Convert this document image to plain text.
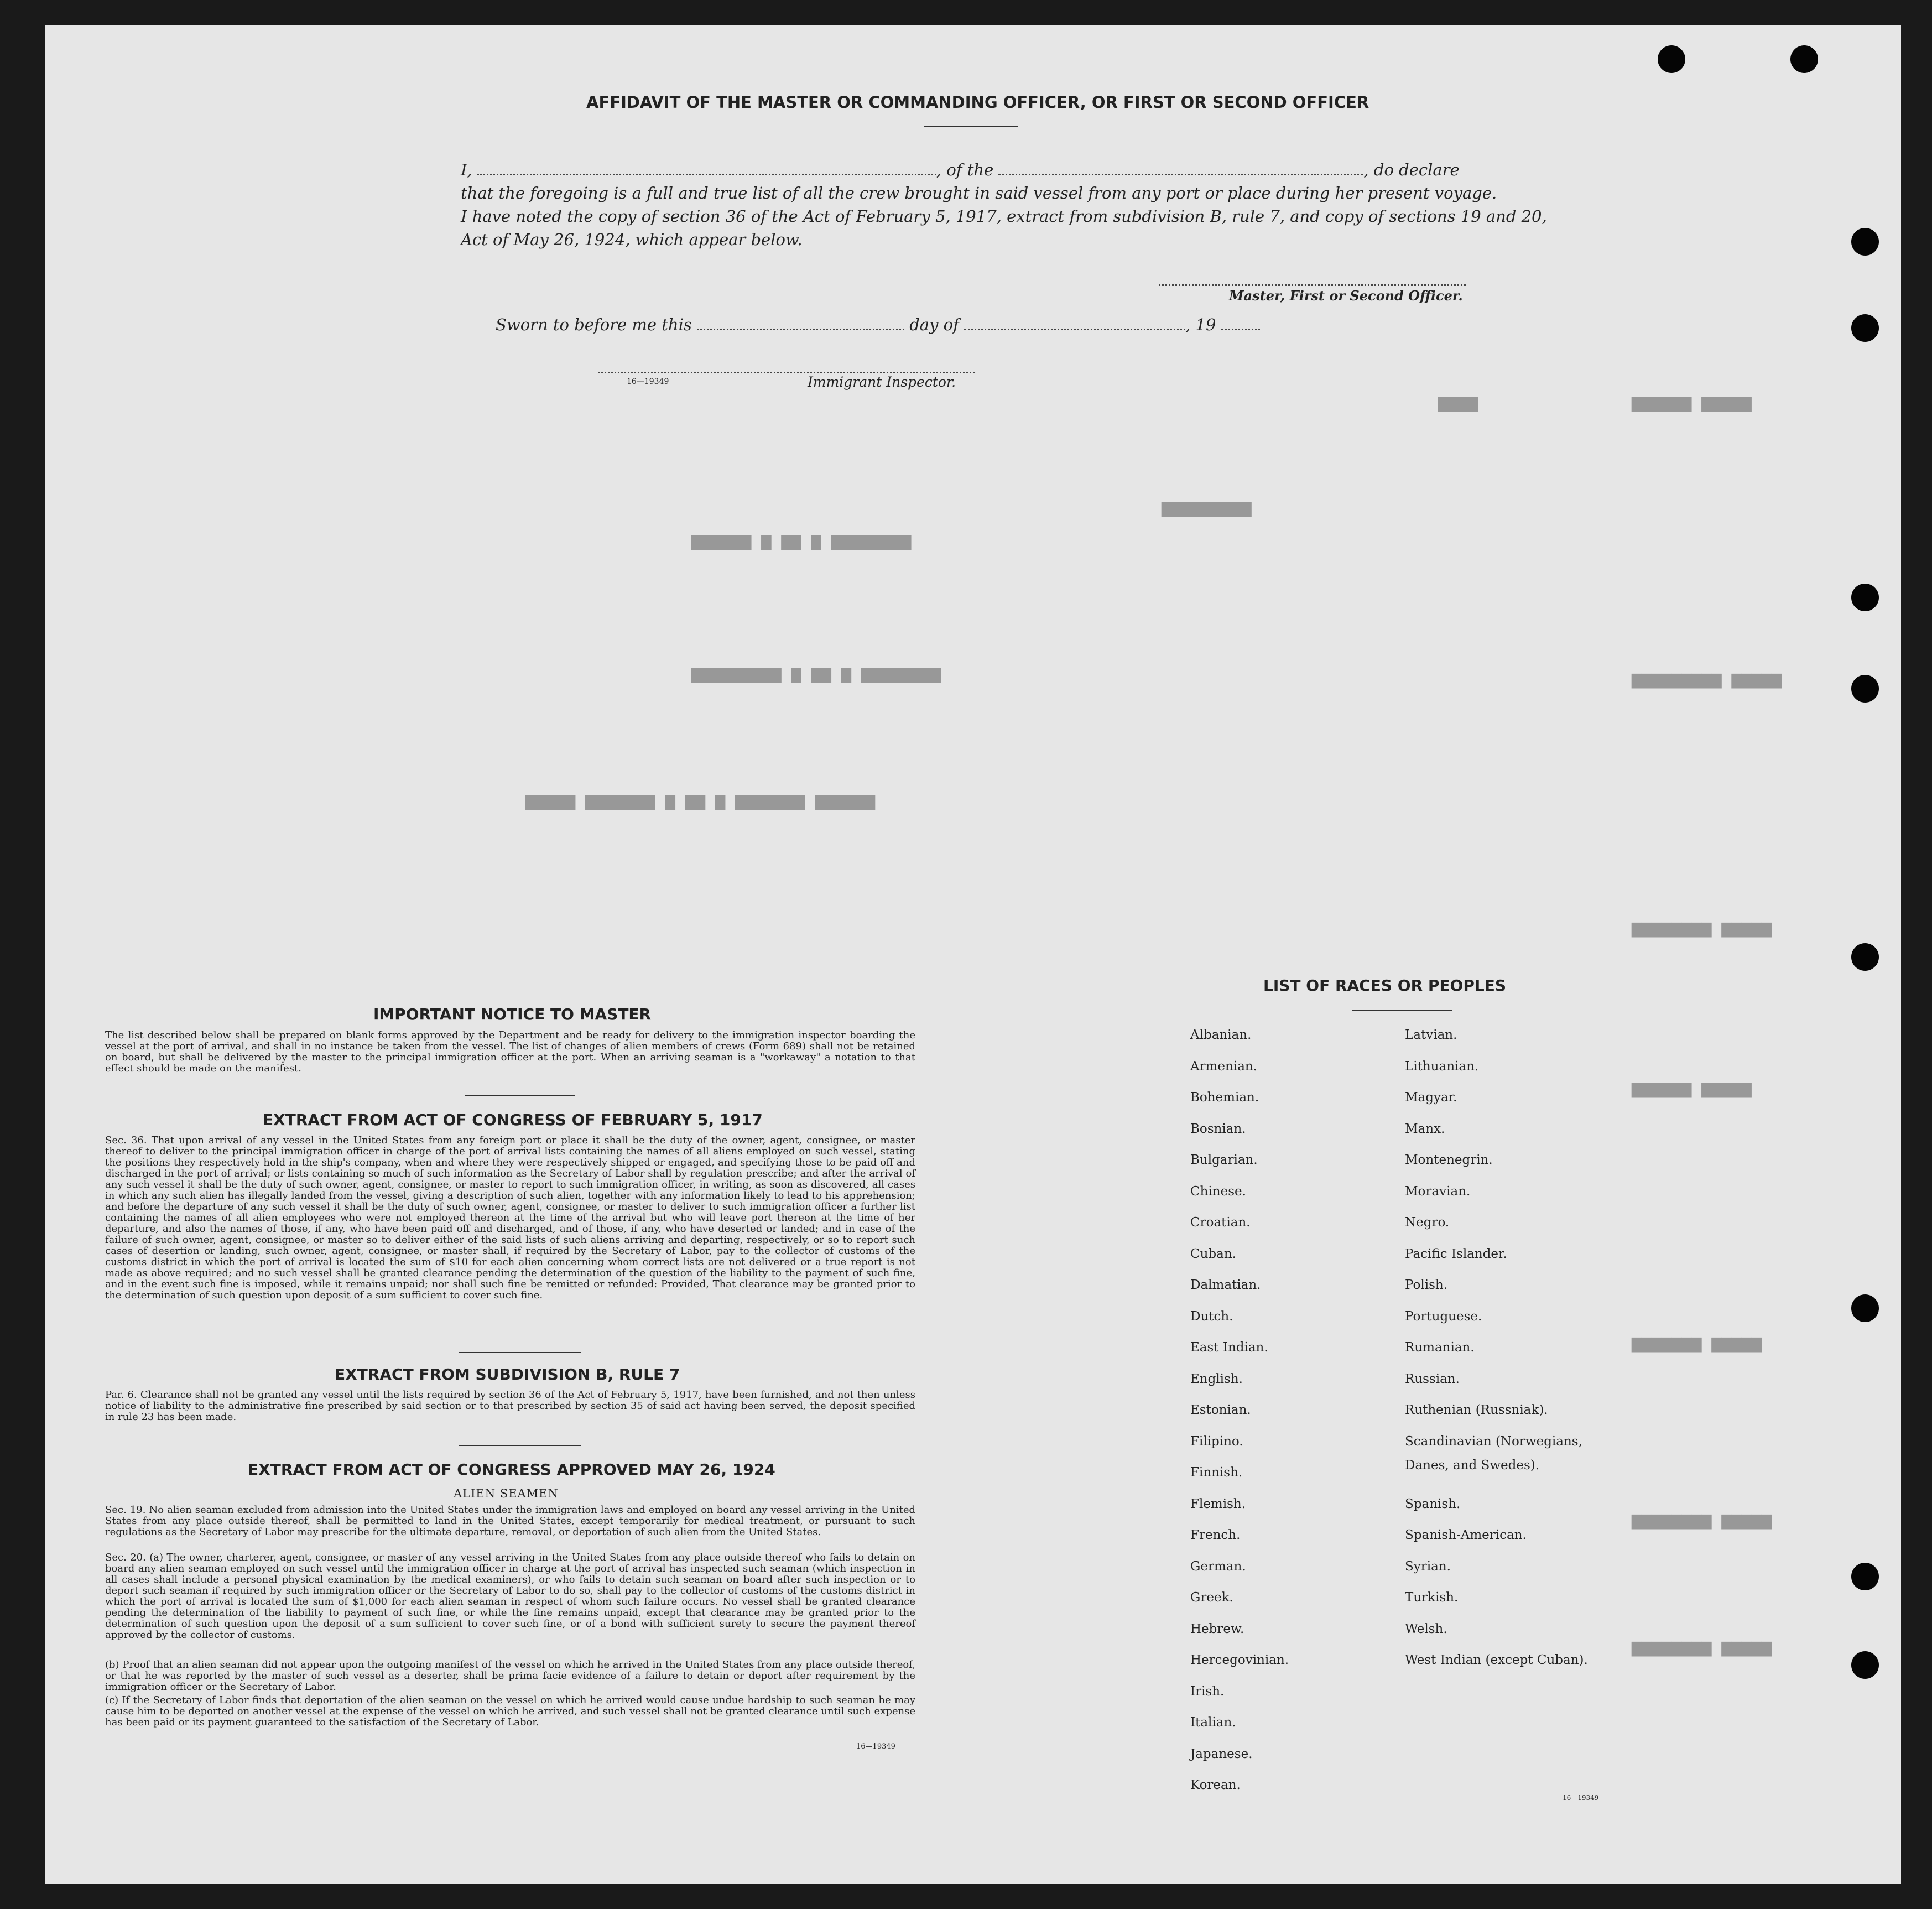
▆▆▆▆▆ ▆▆▆▆▆▆
▆▆▆▆
▆▆▆▆▆ ▆▆▆▆▆▆▆▆▆
▆▆▆▆▆ ▆▆▆▆▆▆▆▆
▆▆▆▆▆ ▆▆▆▆▆▆
▆▆▆▆▆ ▆▆▆▆▆▆▆
▆▆▆▆▆ ▆▆▆▆▆▆▆▆
▆▆▆▆▆ ▆▆▆▆▆▆▆▆
▆▆▆▆▆▆▆▆▆
▆▆▆▆▆▆▆▆ ▆ ▆▆ ▆ ▆▆▆▆▆▆
▆▆▆▆▆▆▆▆ ▆ ▆▆ ▆ ▆▆▆▆▆▆▆▆▆
▆▆▆▆▆▆ ▆▆▆▆▆▆▆ ▆ ▆▆ ▆ ▆▆▆▆▆▆▆ ▆▆▆▆▆
AFFIDAVIT OF THE MASTER OR COMMANDING OFFICER, OR FIRST OR SECOND OFFICER
I,	, of the	, do declare
that the foregoing is a full and true list of all the crew brought in said vessel from any port or place during her present voyage.
I have noted the copy of section 36 of the Act of February 5, 1917, extract from subdivision B, rule 7, and copy of sections 19 and 20,
Act of May 26, 1924, which appear below.
Master, First or Second Officer.
Sworn to before me this	day of	, 19
16—19349	Immigrant Inspector.
IMPORTANT NOTICE TO MASTER
The list described below shall be prepared on blank forms approved by the Department and be ready for delivery to the immigration inspector boarding the vessel at the port of arrival, and shall in no instance be taken from the vessel. The list of changes of alien members of crews (Form 689) shall not be retained on board, but shall be delivered by the master to the principal immigration officer at the port. When an arriving seaman is a "workaway" a notation to that effect should be made on the manifest.
EXTRACT FROM ACT OF CONGRESS OF FEBRUARY 5, 1917
Sec. 36. That upon arrival of any vessel in the United States from any foreign port or place it shall be the duty of the owner, agent, consignee, or master thereof to deliver to the principal immigration officer in charge of the port of arrival lists containing the names of all aliens employed on such vessel, stating the positions they respectively hold in the ship's company, when and where they were respectively shipped or engaged, and specifying those to be paid off and discharged in the port of arrival; or lists containing so much of such information as the Secretary of Labor shall by regulation prescribe; and after the arrival of any such vessel it shall be the duty of such owner, agent, consignee, or master to report to such immigration officer, in writing, as soon as discovered, all cases in which any such alien has illegally landed from the vessel, giving a description of such alien, together with any information likely to lead to his apprehension; and before the departure of any such vessel it shall be the duty of such owner, agent, consignee, or master to deliver to such immigration officer a further list containing the names of all alien employees who were not employed thereon at the time of the arrival but who will leave port thereon at the time of her departure, and also the names of those, if any, who have been paid off and discharged, and of those, if any, who have deserted or landed; and in case of the failure of such owner, agent, consignee, or master so to deliver either of the said lists of such aliens arriving and departing, respectively, or so to report such cases of desertion or landing, such owner, agent, consignee, or master shall, if required by the Secretary of Labor, pay to the collector of customs of the customs district in which the port of arrival is located the sum of $10 for each alien concerning whom correct lists are not delivered or a true report is not made as above required; and no such vessel shall be granted clearance pending the determination of the question of the liability to the payment of such fine, and in the event such fine is imposed, while it remains unpaid; nor shall such fine be remitted or refunded: Provided, That clearance may be granted prior to the determination of such question upon deposit of a sum sufficient to cover such fine.
EXTRACT FROM SUBDIVISION B, RULE 7
Par. 6. Clearance shall not be granted any vessel until the lists required by section 36 of the Act of February 5, 1917, have been furnished, and not then unless notice of liability to the administrative fine prescribed by said section or to that prescribed by section 35 of said act having been served, the deposit specified in rule 23 has been made.
EXTRACT FROM ACT OF CONGRESS APPROVED MAY 26, 1924
ALIEN SEAMEN
Sec. 19. No alien seaman excluded from admission into the United States under the immigration laws and employed on board any vessel arriving in the United States from any place outside thereof, shall be permitted to land in the United States, except temporarily for medical treatment, or pursuant to such regulations as the Secretary of Labor may prescribe for the ultimate departure, removal, or deportation of such alien from the United States.
Sec. 20. (a) The owner, charterer, agent, consignee, or master of any vessel arriving in the United States from any place outside thereof who fails to detain on board any alien seaman employed on such vessel until the immigration officer in charge at the port of arrival has inspected such seaman (which inspection in all cases shall include a personal physical examination by the medical examiners), or who fails to detain such seaman on board after such inspection or to deport such seaman if required by such immigration officer or the Secretary of Labor to do so, shall pay to the collector of customs of the customs district in which the port of arrival is located the sum of $1,000 for each alien seaman in respect of whom such failure occurs. No vessel shall be granted clearance pending the determination of the liability to payment of such fine, or while the fine remains unpaid, except that clearance may be granted prior to the determination of such question upon the deposit of a sum sufficient to cover such fine, or of a bond with sufficient surety to secure the payment thereof approved by the collector of customs.
(b) Proof that an alien seaman did not appear upon the outgoing manifest of the vessel on which he arrived in the United States from any place outside thereof, or that he was reported by the master of such vessel as a deserter, shall be prima facie evidence of a failure to detain or deport after requirement by the immigration officer or the Secretary of Labor.
(c) If the Secretary of Labor finds that deportation of the alien seaman on the vessel on which he arrived would cause undue hardship to such seaman he may cause him to be deported on another vessel at the expense of the vessel on which he arrived, and such vessel shall not be granted clearance until such expense has been paid or its payment guaranteed to the satisfaction of the Secretary of Labor.
16—19349
LIST OF RACES OR PEOPLES
Albanian.
Armenian.
Bohemian.
Bosnian.
Bulgarian.
Chinese.
Croatian.
Cuban.
Dalmatian.
Dutch.
East Indian.
English.
Estonian.
Filipino.
Finnish.
Flemish.
French.
German.
Greek.
Hebrew.
Hercegovinian.
Irish.
Italian.
Japanese.
Korean.
Latvian.
Lithuanian.
Magyar.
Manx.
Montenegrin.
Moravian.
Negro.
Pacific Islander.
Polish.
Portuguese.
Rumanian.
Russian.
Ruthenian (Russniak).
Scandinavian (Norwegians,
Spanish.
Spanish-American.
Syrian.
Turkish.
Welsh.
West Indian (except Cuban).
Danes, and Swedes).
16—19349
